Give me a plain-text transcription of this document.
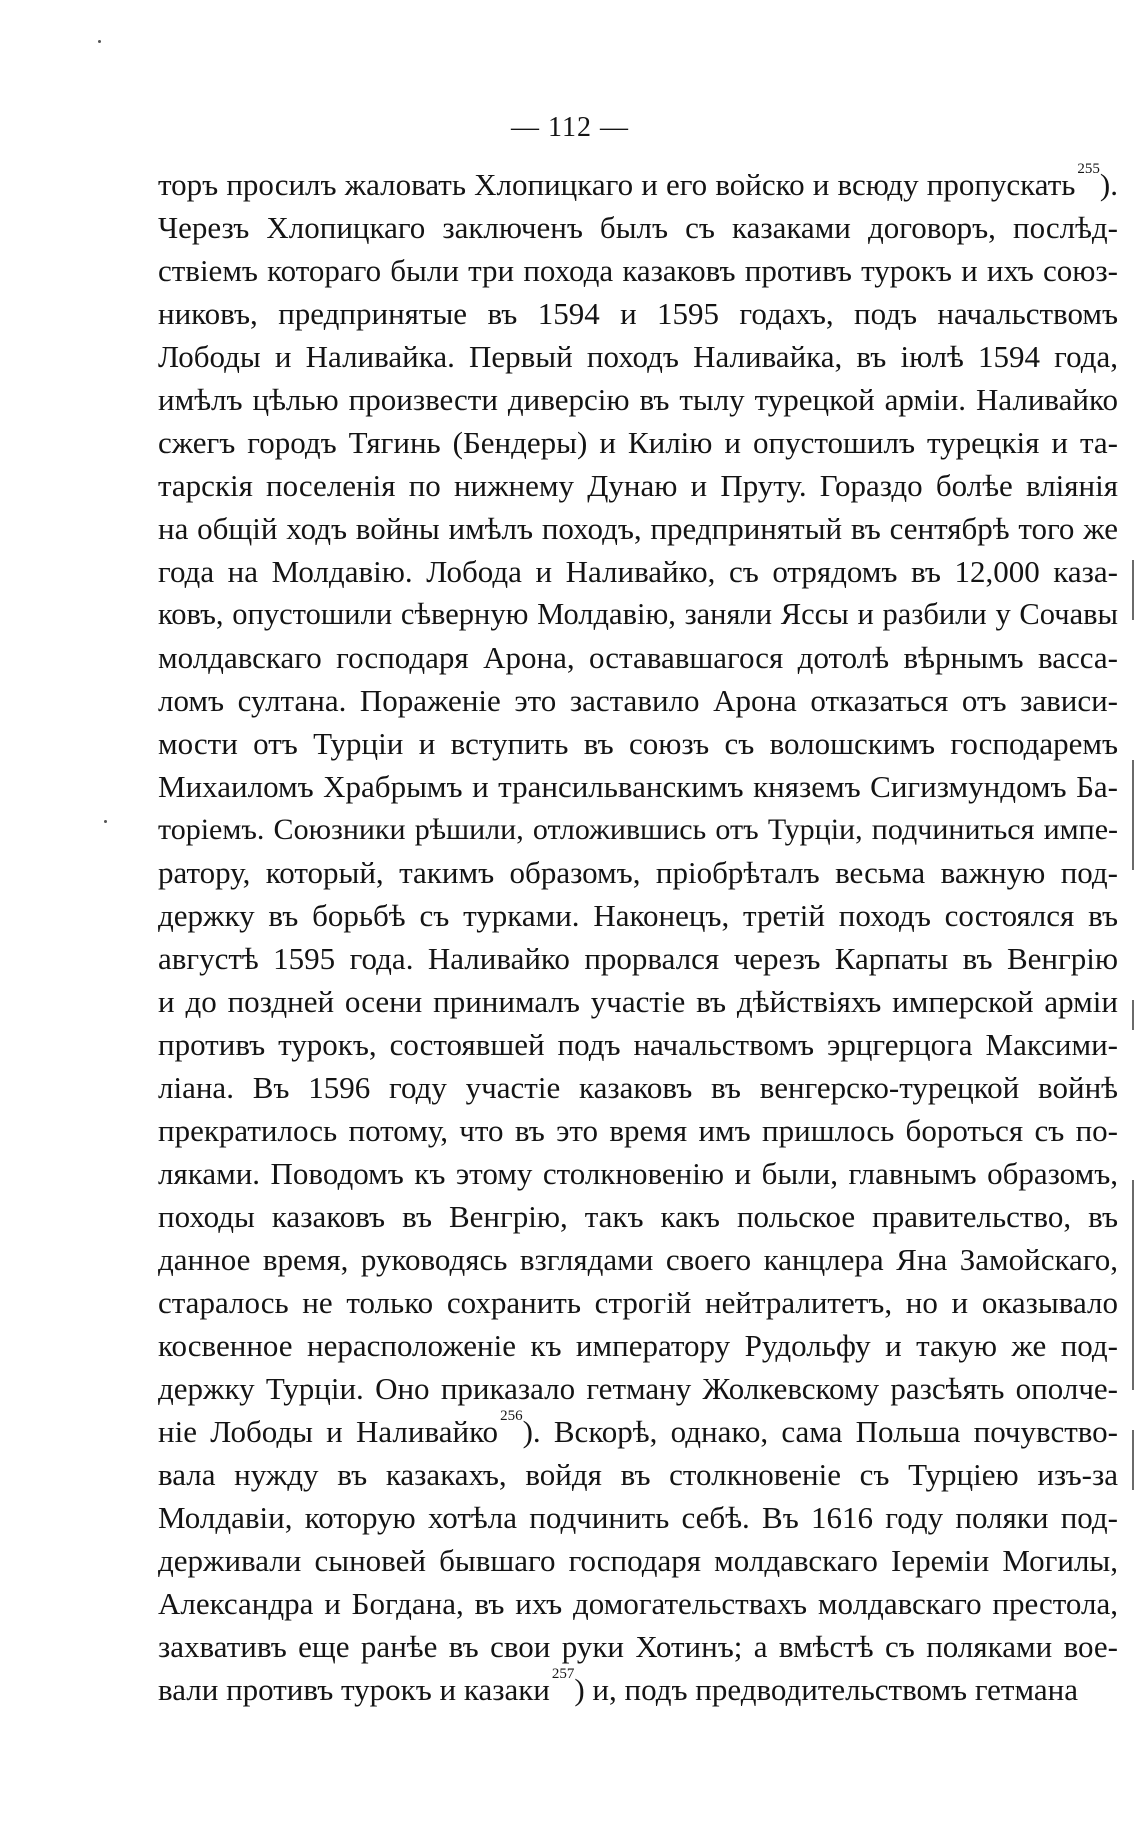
— 112 —
торъ просилъ жаловать Хлопицкаго и его войско и всюду пропускать $^{255}$).
Черезъ Хлопицкаго заключенъ былъ съ казаками договоръ, послѣд-
ствіемъ котораго были три похода казаковъ противъ турокъ и ихъ союз-
никовъ, предпринятые въ 1594 и 1595 годахъ, подъ начальствомъ
Лободы и Наливайка. Первый походъ Наливайка, въ іюлѣ 1594 года,
имѣлъ цѣлью произвести диверсію въ тылу турецкой арміи. Наливайко
сжегъ городъ Тягинь (Бендеры) и Килію и опустошилъ турецкія и та-
тарскія поселенія по нижнему Дунаю и Пруту. Гораздо болѣе вліянія
на общій ходъ войны имѣлъ походъ, предпринятый въ сентябрѣ того же
года на Молдавію. Лобода и Наливайко, съ отрядомъ въ 12,000 каза-
ковъ, опустошили сѣверную Молдавію, заняли Яссы и разбили у Сочавы
молдавскаго господаря Арона, остававшагося дотолѣ вѣрнымъ васса-
ломъ султана. Пораженіе это заставило Арона отказаться отъ зависи-
мости отъ Турціи и вступить въ союзъ съ волошскимъ господаремъ
Михаиломъ Храбрымъ и трансильванскимъ княземъ Сигизмундомъ Ба-
торіемъ. Союзники рѣшили, отложившись отъ Турціи, подчиниться импе-
ратору, который, такимъ образомъ, пріобрѣталъ весьма важную под-
держку въ борьбѣ съ турками. Наконецъ, третій походъ состоялся въ
августѣ 1595 года. Наливайко прорвался черезъ Карпаты въ Венгрію
и до поздней осени принималъ участіе въ дѣйствіяхъ имперской арміи
противъ турокъ, состоявшей подъ начальствомъ эрцгерцога Максими-
ліана. Въ 1596 году участіе казаковъ въ венгерско-турецкой войнѣ
прекратилось потому, что въ это время имъ пришлось бороться съ по-
ляками. Поводомъ къ этому столкновенію и были, главнымъ образомъ,
походы казаковъ въ Венгрію, такъ какъ польское правительство, въ
данное время, руководясь взглядами своего канцлера Яна Замойскаго,
старалось не только сохранить строгій нейтралитетъ, но и оказывало
косвенное нерасположеніе къ императору Рудольфу и такую же под-
держку Турціи. Оно приказало гетману Жолкевскому разсѣять ополче-
ніе Лободы и Наливайко $^{256}$). Вскорѣ, однако, сама Польша почувство-
вала нужду въ казакахъ, войдя въ столкновеніе съ Турціею изъ-за
Молдавіи, которую хотѣла подчинить себѣ. Въ 1616 году поляки под-
держивали сыновей бывшаго господаря молдавскаго Іереміи Могилы,
Александра и Богдана, въ ихъ домогательствахъ молдавскаго престола,
захвативъ еще ранѣе въ свои руки Хотинъ; а вмѣстѣ съ поляками вое-
вали противъ турокъ и казаки $^{257}$) и, подъ предводительствомъ гетмана
